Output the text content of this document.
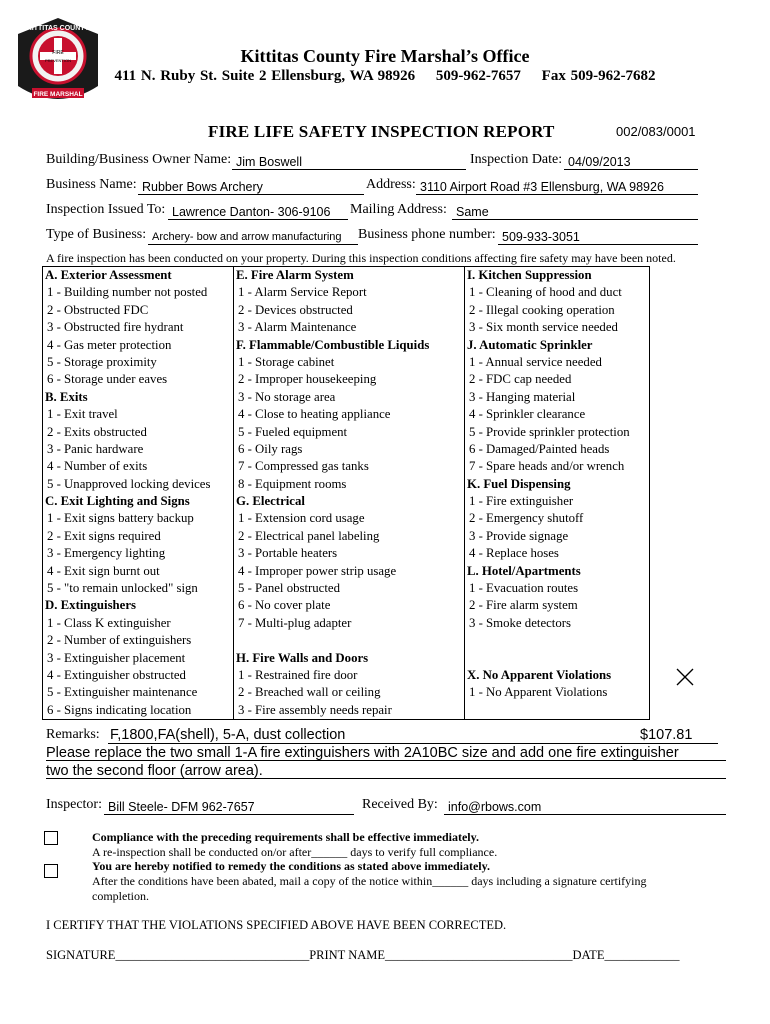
FIRE
PREVENTION
KITTITAS COUNTY
FIRE MARSHAL
Kittitas County Fire Marshal’s Office
411 N. Ruby St. Suite 2 Ellensburg, WA 98926 509-962-7657 Fax 509-962-7682
FIRE LIFE SAFETY INSPECTION REPORT	002/083/0001
Building/Business Owner Name: Jim Boswell	Inspection Date: 04/09/2013
Business Name: Rubber Bows Archery	Address: 3110 Airport Road #3 Ellensburg, WA 98926
Inspection Issued To: Lawrence Danton- 306-9106	Mailing Address: Same
Type of Business: Archery- bow and arrow manufacturing	Business phone number: 509-933-3051
A fire inspection has been conducted on your property. During this inspection conditions affecting fire safety may have been noted.
A. Exterior Assessment
1 - Building number not posted
2 - Obstructed FDC
3 - Obstructed fire hydrant
4 - Gas meter protection
5 - Storage proximity
6 - Storage under eaves
B. Exits
1 - Exit travel
2 - Exits obstructed
3 - Panic hardware
4 - Number of exits
5 - Unapproved locking devices
C. Exit Lighting and Signs
1 - Exit signs battery backup
2 - Exit signs required
3 - Emergency lighting
4 - Exit sign burnt out
5 - "to remain unlocked" sign
D. Extinguishers
1 - Class K extinguisher
2 - Number of extinguishers
3 - Extinguisher placement
4 - Extinguisher obstructed
5 - Extinguisher maintenance
6 - Signs indicating location

E. Fire Alarm System
1 - Alarm Service Report
2 - Devices obstructed
3 - Alarm Maintenance
F. Flammable/Combustible Liquids
1 - Storage cabinet
2 - Improper housekeeping
3 - No storage area
4 - Close to heating appliance
5 - Fueled equipment
6 - Oily rags
7 - Compressed gas tanks
8 - Equipment rooms
G. Electrical
1 - Extension cord usage
2 - Electrical panel labeling
3 - Portable heaters
4 - Improper power strip usage
5 - Panel obstructed
6 - No cover plate
7 - Multi-plug adapter
H. Fire Walls and Doors
1 - Restrained fire door
2 - Breached wall or ceiling
3 - Fire assembly needs repair

I. Kitchen Suppression
1 - Cleaning of hood and duct
2 - Illegal cooking operation
3 - Six month service needed
J. Automatic Sprinkler
1 - Annual service needed
2 - FDC cap needed
3 - Hanging material
4 - Sprinkler clearance
5 - Provide sprinkler protection
6 - Damaged/Painted heads
7 - Spare heads and/or wrench
K. Fuel Dispensing
1 - Fire extinguisher
2 - Emergency shutoff
3 - Provide signage
4 - Replace hoses
L. Hotel/Apartments
1 - Evacuation routes
2 - Fire alarm system
3 - Smoke detectors
X. No Apparent Violations
1 - No Apparent Violations
Remarks: F,1800,FA(shell), 5-A, dust collection	$107.81
Please replace the two small 1-A fire extinguishers with 2A10BC size and add one fire extinguisher
two the second floor (arrow area).
Inspector: Bill Steele- DFM 962-7657	Received By: info@rbows.com
Compliance with the preceding requirements shall be effective immediately.
A re-inspection shall be conducted on/or after______ days to verify full compliance.
You are hereby notified to remedy the conditions as stated above immediately.
After the conditions have been abated, mail a copy of the notice within______ days including a signature certifying
completion.
I CERTIFY THAT THE VIOLATIONS SPECIFIED ABOVE HAVE BEEN CORRECTED.
SIGNATURE_______________________________PRINT NAME______________________________DATE____________
